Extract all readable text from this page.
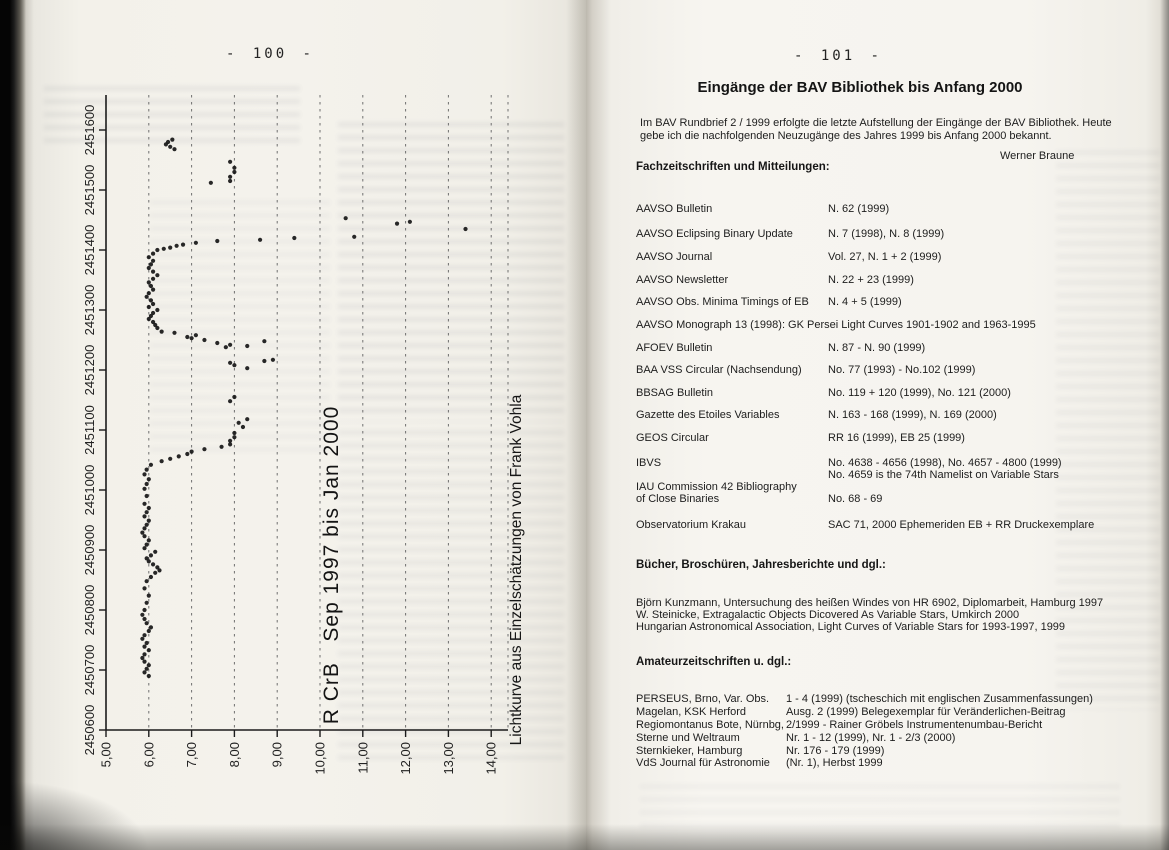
- 100 -
2451600
2451500
2451400
2451300
2451200
2451100
2451000
2450900
2450800
2450700
2450600 5,00 6,00 7,00 8,00 9,00 10,00 11,00 12,00 13,00 14,00
R CrB   Sep 1997 bis Jan 2000	Lichtkurve aus Einzelschätzungen von Frank Vohla
- 101 -
Eingänge der BAV Bibliothek bis Anfang 2000
Im BAV Rundbrief 2 / 1999 erfolgte die letzte Aufstellung der Eingänge der BAV Bibliothek. Heute
gebe ich die nachfolgenden Neuzugänge des Jahres 1999 bis Anfang 2000 bekannt.
Werner Braune
Fachzeitschriften und Mitteilungen:
Bücher, Broschüren, Jahresberichte und dgl.:
Amateurzeitschriften u. dgl.:
AAVSO Bulletin	N. 62 (1999)
AAVSO Eclipsing Binary Update	N. 7 (1998), N. 8 (1999)
AAVSO Journal	Vol. 27, N. 1 + 2 (1999)
AAVSO Newsletter	N. 22 + 23 (1999)
AAVSO Obs. Minima Timings of EB N. 4 + 5 (1999)
AAVSO Monograph 13 (1998): GK Persei Light Curves 1901-1902 and 1963-1995
AFOEV Bulletin	N. 87 - N. 90 (1999)
BAA VSS Circular (Nachsendung) No. 77 (1993) - No.102 (1999)
BBSAG Bulletin	No. 119 + 120 (1999), No. 121 (2000)
Gazette des Etoiles Variables	N. 163 - 168 (1999), N. 169 (2000)
GEOS Circular	RR 16 (1999), EB 25 (1999)
IBVS	No. 4638 - 4656 (1998), No. 4657 - 4800 (1999)
No. 4659 is the 74th Namelist on Variable Stars
IAU Commission 42 Bibliography
of Close Binaries	No. 68 - 69
Observatorium Krakau	SAC 71, 2000 Ephemeriden EB + RR Druckexemplare
Björn Kunzmann, Untersuchung des heißen Windes von HR 6902, Diplomarbeit, Hamburg 1997
W. Steinicke, Extragalactic Objects Dicovered As Variable Stars, Umkirch 2000
Hungarian Astronomical Association, Light Curves of Variable Stars for 1993-1997, 1999
PERSEUS, Brno, Var. Obs. 1 - 4 (1999) (tscheschich mit englischen Zusammenfassungen)
Magelan, KSK Herford	Ausg. 2 (1999) Belegexemplar für Veränderlichen-Beitrag
Regiomontanus Bote, Nürnbg, 2/1999 - Rainer Gröbels Instrumentenumbau-Bericht
Sterne und Weltraum	Nr. 1 - 12 (1999), Nr. 1 - 2/3 (2000)
Sternkieker, Hamburg	Nr. 176 - 179 (1999)
VdS Journal für Astronomie (Nr. 1), Herbst 1999
